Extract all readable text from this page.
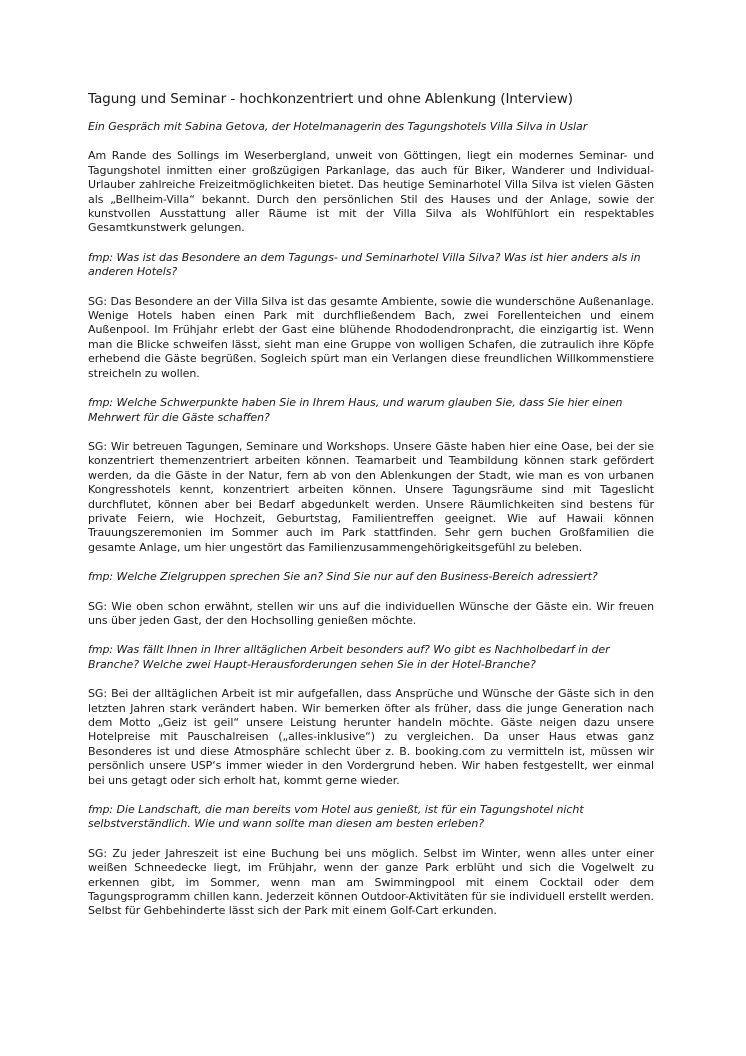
Tagung und Seminar - hochkonzentriert und ohne Ablenkung (Interview)

Ein Gespräch mit Sabina Getova, der Hotelmanagerin des Tagungshotels Villa Silva in Uslar

Am Rande des Sollings im Weserbergland, unweit von Göttingen, liegt ein modernes Seminar- und Tagungshotel inmitten einer großzügigen Parkanlage, das auch für Biker, Wanderer und Individual-Urlauber zahlreiche Freizeitmöglichkeiten bietet. Das heutige Seminarhotel Villa Silva ist vielen Gästen als „Bellheim-Villa“ bekannt. Durch den persönlichen Stil des Hauses und der Anlage, sowie der kunstvollen Ausstattung aller Räume ist mit der Villa Silva als Wohlfühlort ein respektables Gesamtkunstwerk gelungen.

fmp: Was ist das Besondere an dem Tagungs- und Seminarhotel Villa Silva? Was ist hier anders als in anderen Hotels?

SG: Das Besondere an der Villa Silva ist das gesamte Ambiente, sowie die wunderschöne Außenanlage. Wenige Hotels haben einen Park mit durchfließendem Bach, zwei Forellenteichen und einem Außenpool. Im Frühjahr erlebt der Gast eine blühende Rhododendronpracht, die einzigartig ist. Wenn man die Blicke schweifen lässt, sieht man eine Gruppe von wolligen Schafen, die zutraulich ihre Köpfe erhebend die Gäste begrüßen. Sogleich spürt man ein Verlangen diese freundlichen Willkommenstiere streicheln zu wollen.

fmp: Welche Schwerpunkte haben Sie in Ihrem Haus, und warum glauben Sie, dass Sie hier einen Mehrwert für die Gäste schaffen?

SG: Wir betreuen Tagungen, Seminare und Workshops. Unsere Gäste haben hier eine Oase, bei der sie konzentriert themenzentriert arbeiten können. Teamarbeit und Teambildung können stark gefördert werden, da die Gäste in der Natur, fern ab von den Ablenkungen der Stadt, wie man es von urbanen Kongresshotels kennt, konzentriert arbeiten können. Unsere Tagungsräume sind mit Tageslicht durchflutet, können aber bei Bedarf abgedunkelt werden. Unsere Räumlichkeiten sind bestens für private Feiern, wie Hochzeit, Geburtstag, Familientreffen geeignet. Wie auf Hawaii können Trauungszeremonien im Sommer auch im Park stattfinden. Sehr gern buchen Großfamilien die gesamte Anlage, um hier ungestört das Familienzusammengehörigkeitsgefühl zu beleben.

fmp: Welche Zielgruppen sprechen Sie an? Sind Sie nur auf den Business-Bereich adressiert?

SG: Wie oben schon erwähnt, stellen wir uns auf die individuellen Wünsche der Gäste ein. Wir freuen uns über jeden Gast, der den Hochsolling genießen möchte.

fmp: Was fällt Ihnen in Ihrer alltäglichen Arbeit besonders auf? Wo gibt es Nachholbedarf in der Branche? Welche zwei Haupt-Herausforderungen sehen Sie in der Hotel-Branche?

SG: Bei der alltäglichen Arbeit ist mir aufgefallen, dass Ansprüche und Wünsche der Gäste sich in den letzten Jahren stark verändert haben. Wir bemerken öfter als früher, dass die junge Generation nach dem Motto „Geiz ist geil“ unsere Leistung herunter handeln möchte. Gäste neigen dazu unsere Hotelpreise mit Pauschalreisen („alles-inklusive“) zu vergleichen. Da unser Haus etwas ganz Besonderes ist und diese Atmosphäre schlecht über z. B. booking.com zu vermitteln ist, müssen wir persönlich unsere USP‘s immer wieder in den Vordergrund heben. Wir haben festgestellt, wer einmal bei uns getagt oder sich erholt hat, kommt gerne wieder.

fmp: Die Landschaft, die man bereits vom Hotel aus genießt, ist für ein Tagungshotel nicht selbstverständlich. Wie und wann sollte man diesen am besten erleben?

SG: Zu jeder Jahreszeit ist eine Buchung bei uns möglich. Selbst im Winter, wenn alles unter einer weißen Schneedecke liegt, im Frühjahr, wenn der ganze Park erblüht und sich die Vogelwelt zu erkennen gibt, im Sommer, wenn man am Swimmingpool mit einem Cocktail oder dem Tagungsprogramm chillen kann. Jederzeit können Outdoor-Aktivitäten für sie individuell erstellt werden. Selbst für Gehbehinderte lässt sich der Park mit einem Golf-Cart erkunden.
